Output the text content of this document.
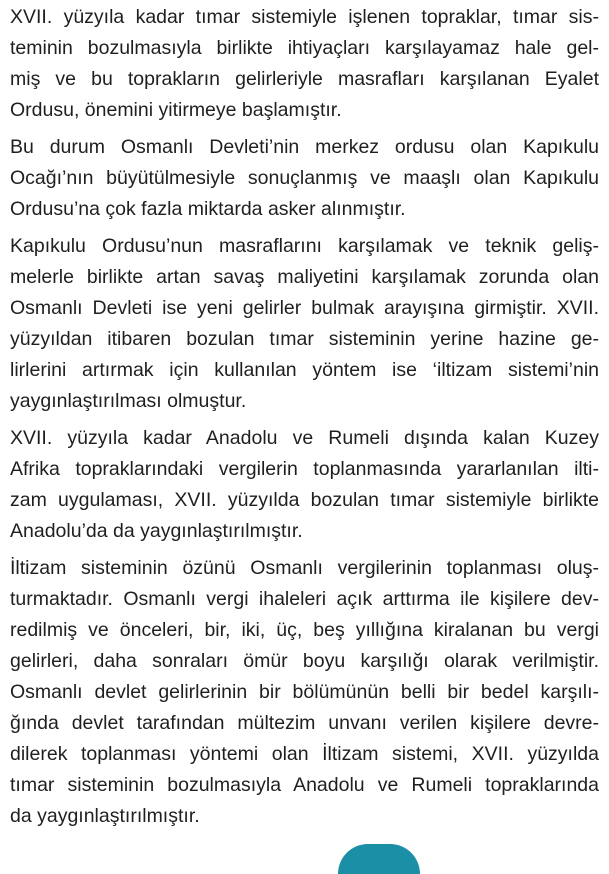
XVII. yüzyıla kadar tımar sistemiyle işlenen topraklar, tımar sis-
teminin bozulmasıyla birlikte ihtiyaçları karşılayamaz hale gel-
miş ve bu toprakların gelirleriyle masrafları karşılanan Eyalet
Ordusu, önemini yitirmeye başlamıştır.
Bu durum Osmanlı Devleti’nin merkez ordusu olan Kapıkulu
Ocağı’nın büyütülmesiyle sonuçlanmış ve maaşlı olan Kapıkulu
Ordusu’na çok fazla miktarda asker alınmıştır.
Kapıkulu Ordusu’nun masraflarını karşılamak ve teknik geliş-
melerle birlikte artan savaş maliyetini karşılamak zorunda olan
Osmanlı Devleti ise yeni gelirler bulmak arayışına girmiştir. XVII.
yüzyıldan itibaren bozulan tımar sisteminin yerine hazine ge-
lirlerini artırmak için kullanılan yöntem ise ‘iltizam sistemi’nin
yaygınlaştırılması olmuştur.
XVII. yüzyıla kadar Anadolu ve Rumeli dışında kalan Kuzey
Afrika topraklarındaki vergilerin toplanmasında yararlanılan ilti-
zam uygulaması, XVII. yüzyılda bozulan tımar sistemiyle birlikte
Anadolu’da da yaygınlaştırılmıştır.
İltizam sisteminin özünü Osmanlı vergilerinin toplanması oluş-
turmaktadır. Osmanlı vergi ihaleleri açık arttırma ile kişilere dev-
redilmiş ve önceleri, bir, iki, üç, beş yıllığına kiralanan bu vergi
gelirleri, daha sonraları ömür boyu karşılığı olarak verilmiştir.
Osmanlı devlet gelirlerinin bir bölümünün belli bir bedel karşılı-
ğında devlet tarafından mültezim unvanı verilen kişilere devre-
dilerek toplanması yöntemi olan İltizam sistemi, XVII. yüzyılda
tımar sisteminin bozulmasıyla Anadolu ve Rumeli topraklarında
da yaygınlaştırılmıştır.
